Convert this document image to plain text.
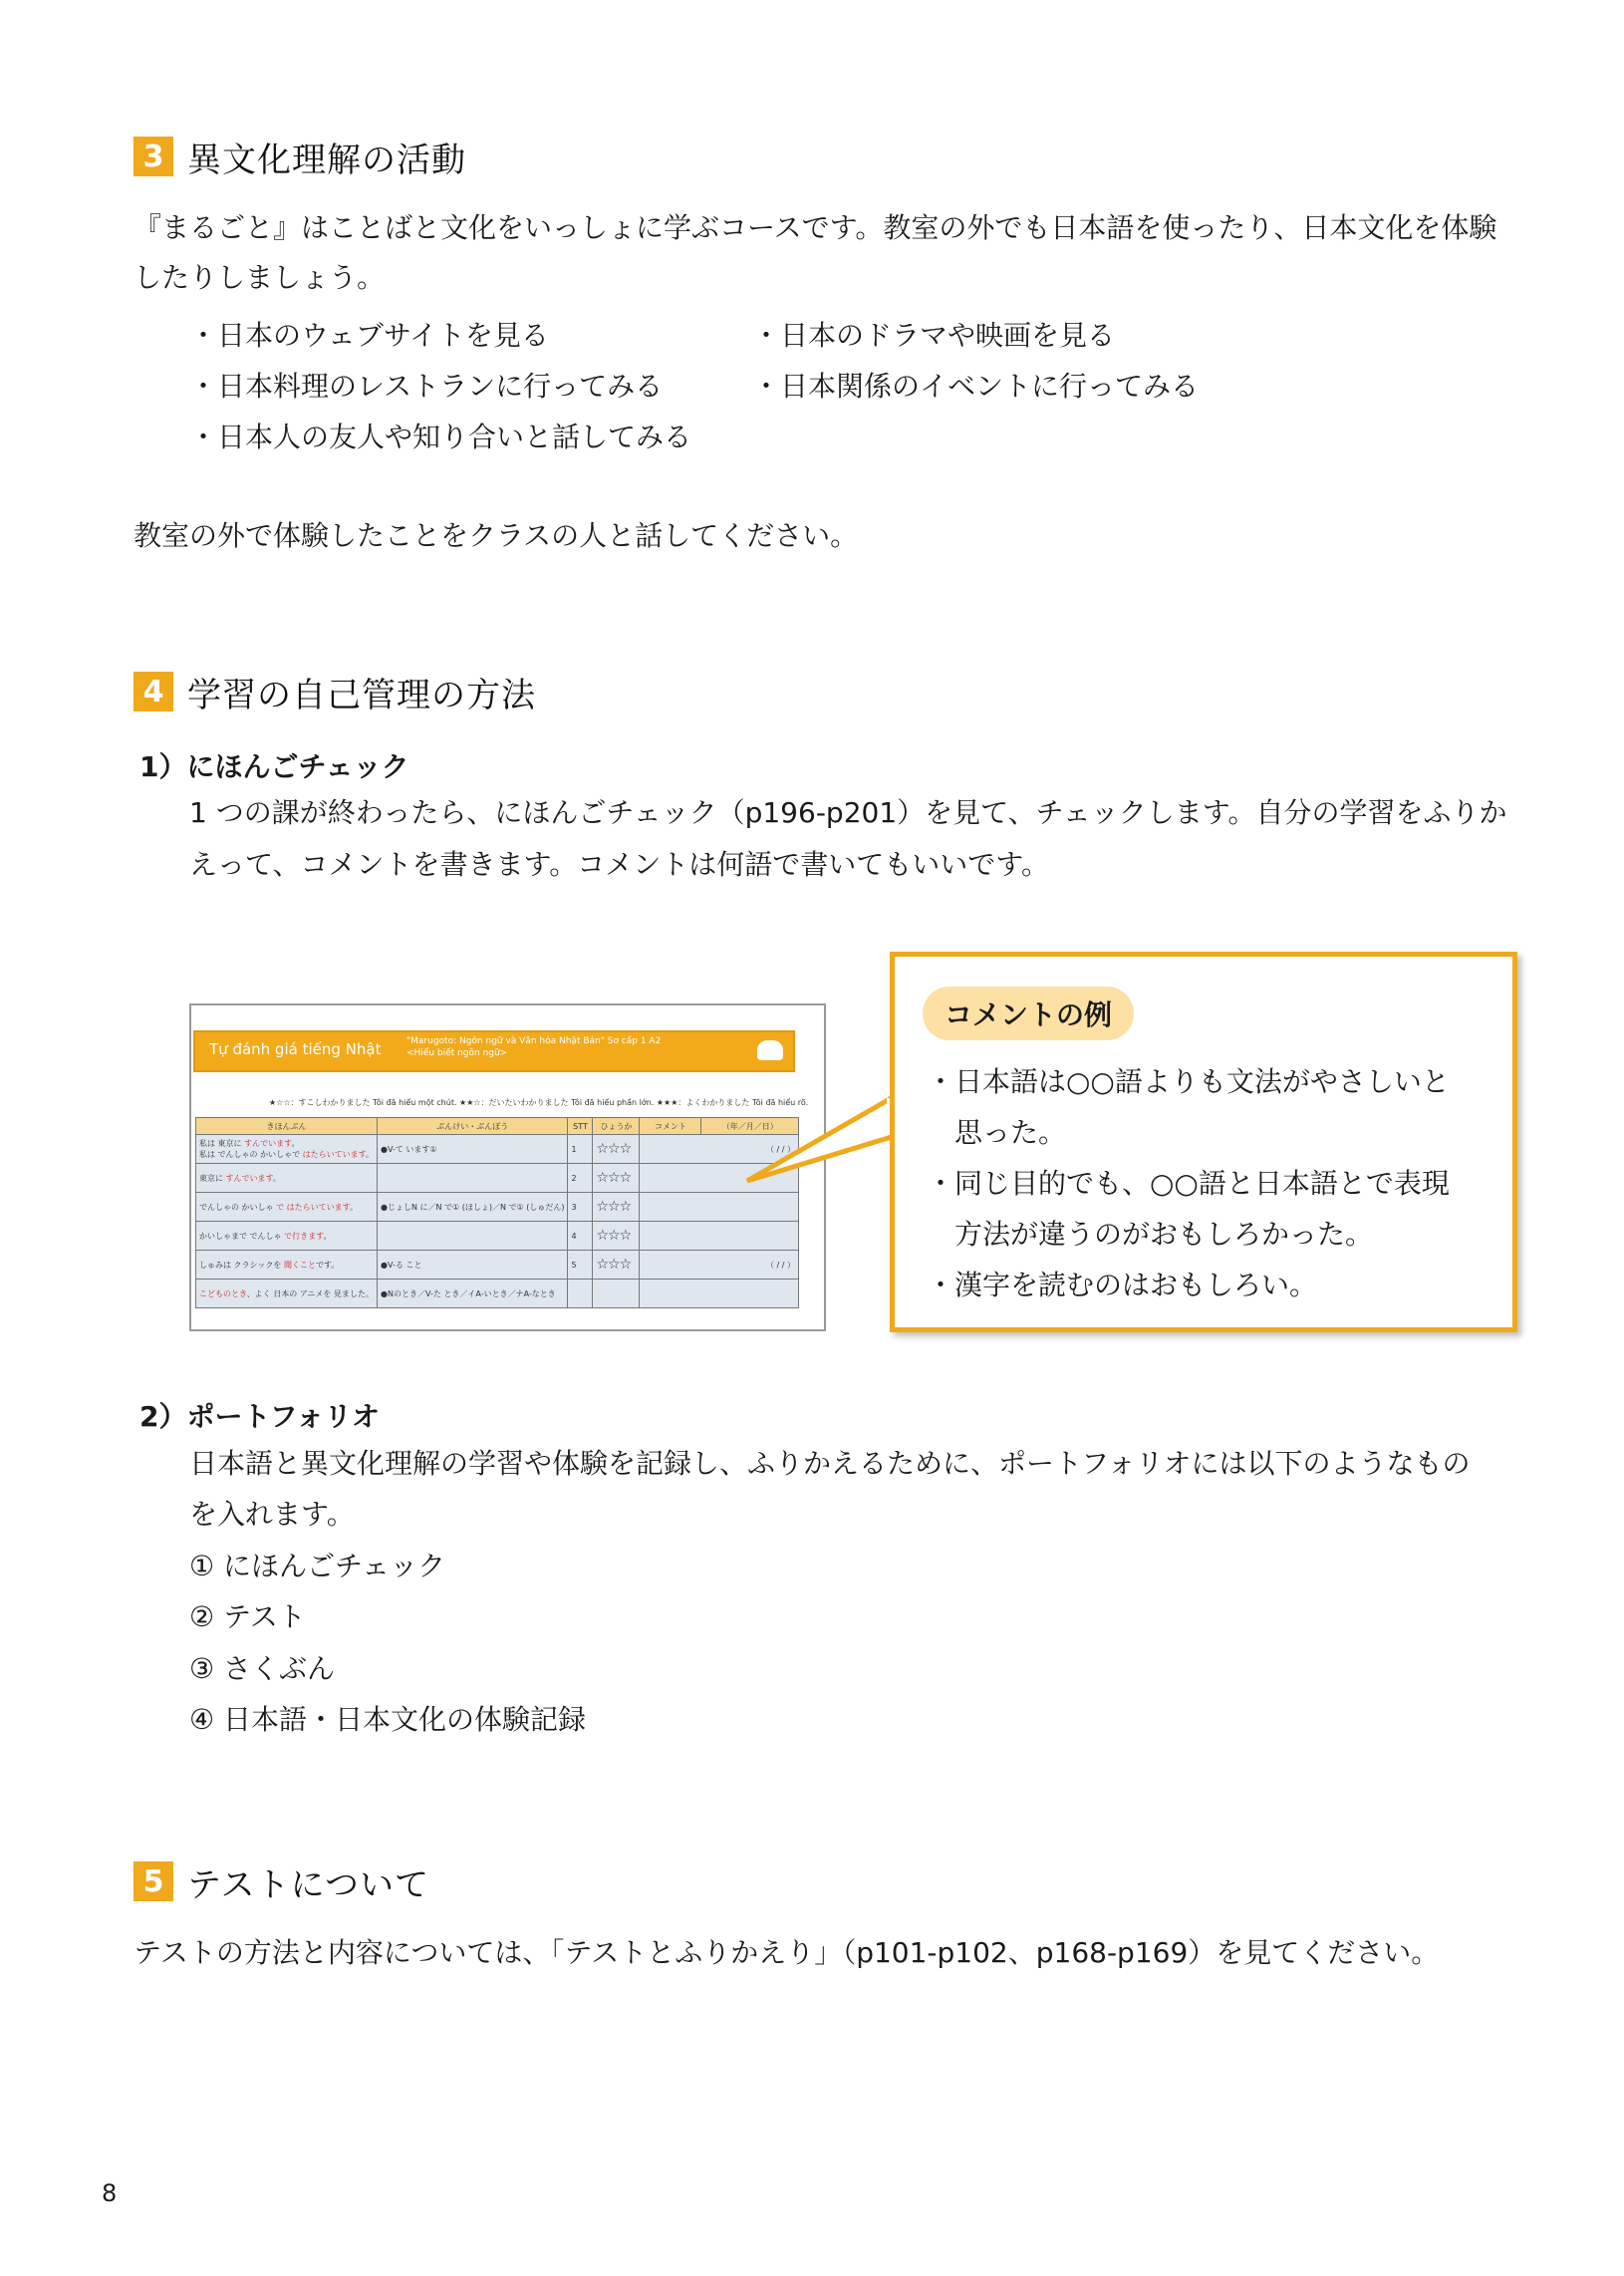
3 異文化理解の活動
『まるごと』はことばと文化をいっしょに学ぶコースです。教室の外でも日本語を使ったり、日本文化を体験
したりしましょう。
・日本のウェブサイトを見る	・日本のドラマや映画を見る
・日本料理のレストランに行ってみる	・日本関係のイベントに行ってみる
・日本人の友人や知り合いと話してみる
教室の外で体験したことをクラスの人と話してください。
4 学習の自己管理の方法
1）にほんごチェック
1 つの課が終わったら、にほんごチェック（p196-p201）を見て、チェックします。自分の学習をふりか
えって、コメントを書きます。コメントは何語で書いてもいいです。
Tự đánh giá tiếng Nhật	"Marugoto: Ngôn ngữ và Văn hóa Nhật Bản" Sơ cấp 1 A2
<Hiểu biết ngôn ngữ>
★☆☆：すこしわかりました Tôi đã hiểu một chút. ★★☆：だいたいわかりました Tôi đã hiểu phần lớn. ★★★：よくわかりました Tôi đã hiểu rõ.
きほんぶん	ぶんけい・ぶんぽう	STT	ひょうか	コメント	（年／月／日）

私は 東京に すんでいます。
私は でんしゃの かいしゃで はたらいています。	●V-て います①	1	☆☆☆	（ / / ）	
東京に すんでいます。		2	☆☆☆		
でんしゃの かいしゃ で はたらいています。	●じょしN に／N で① (ほしょ)／N で① (しゅだん)	3	☆☆☆		
かいしゃまで でんしゃ で行きます。		4	☆☆☆		
しゅみは クラシックを 聞くことです。	●V-る こと	5	☆☆☆	（ / / ）	
こどものとき、よく 日本の アニメを 見ました。	●Nのとき／V-た とき／イA-いとき／ナA-なとき				
コメントの例
・日本語は○○語よりも文法がやさしいと
　思った。
・同じ目的でも、○○語と日本語とで表現
　方法が違うのがおもしろかった。
・漢字を読むのはおもしろい。
2）ポートフォリオ
日本語と異文化理解の学習や体験を記録し、ふりかえるために、ポートフォリオには以下のようなもの
を入れます。
① にほんごチェック
② テスト
③ さくぶん
④ 日本語・日本文化の体験記録
5 テストについて
テストの方法と内容については、「テストとふりかえり」（p101-p102、p168-p169）を見てください。
8
